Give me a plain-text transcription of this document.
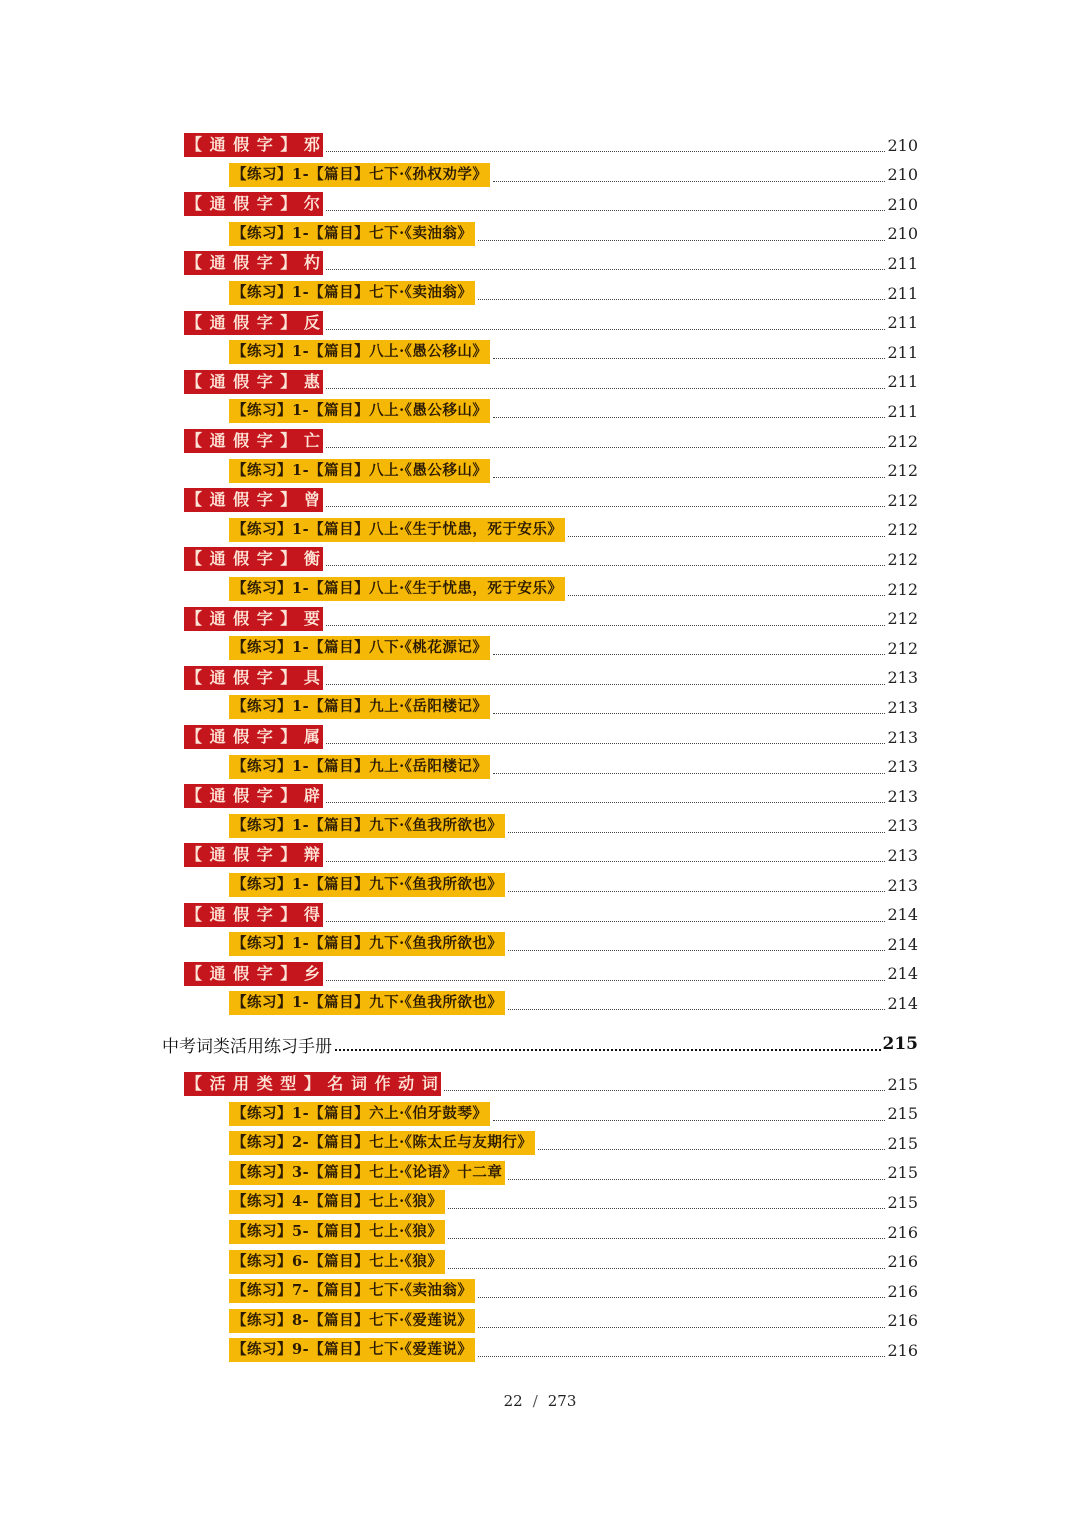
【 通 假 字 】 邪	210
【练习】1-【篇目】七下·《孙权劝学》	210
【 通 假 字 】 尔	210
【练习】1-【篇目】七下·《卖油翁》	210
【 通 假 字 】 杓	211
【练习】1-【篇目】七下·《卖油翁》	211
【 通 假 字 】 反	211
【练习】1-【篇目】八上·《愚公移山》	211
【 通 假 字 】 惠	211
【练习】1-【篇目】八上·《愚公移山》	211
【 通 假 字 】 亡	212
【练习】1-【篇目】八上·《愚公移山》	212
【 通 假 字 】 曾	212
【练习】1-【篇目】八上·《生于忧患，死于安乐》	212
【 通 假 字 】 衡	212
【练习】1-【篇目】八上·《生于忧患，死于安乐》	212
【 通 假 字 】 要	212
【练习】1-【篇目】八下·《桃花源记》	212
【 通 假 字 】 具	213
【练习】1-【篇目】九上·《岳阳楼记》	213
【 通 假 字 】 属	213
【练习】1-【篇目】九上·《岳阳楼记》	213
【 通 假 字 】 辟	213
【练习】1-【篇目】九下·《鱼我所欲也》	213
【 通 假 字 】 辩	213
【练习】1-【篇目】九下·《鱼我所欲也》	213
【 通 假 字 】 得	214
【练习】1-【篇目】九下·《鱼我所欲也》	214
【 通 假 字 】 乡	214
【练习】1-【篇目】九下·《鱼我所欲也》	214
中考词类活用练习手册	215
【 活 用 类 型 】 名 词 作 动 词	215
【练习】1-【篇目】六上·《伯牙鼓琴》	215
【练习】2-【篇目】七上·《陈太丘与友期行》	215
【练习】3-【篇目】七上·《论语》十二章	215
【练习】4-【篇目】七上·《狼》	215
【练习】5-【篇目】七上·《狼》	216
【练习】6-【篇目】七上·《狼》	216
【练习】7-【篇目】七下·《卖油翁》	216
【练习】8-【篇目】七下·《爱莲说》	216
【练习】9-【篇目】七下·《爱莲说》	216
22 / 273
